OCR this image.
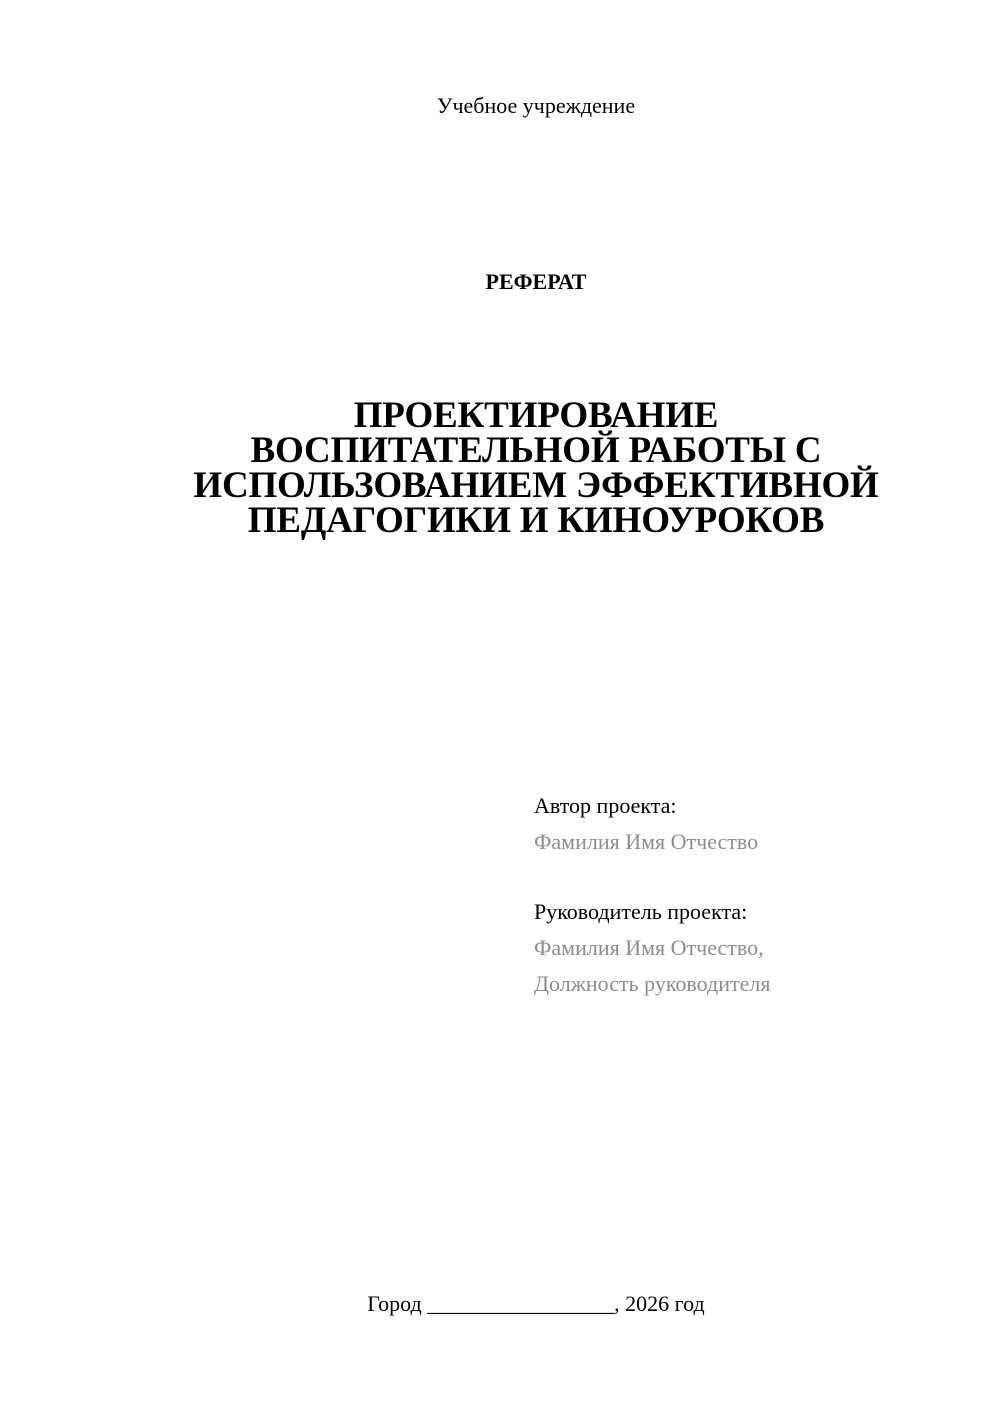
Учебное учреждение
РЕФЕРАТ
ПРОЕКТИРОВАНИЕ
ВОСПИТАТЕЛЬНОЙ РАБОТЫ С
ИСПОЛЬЗОВАНИЕМ ЭФФЕКТИВНОЙ
ПЕДАГОГИКИ И КИНОУРОКОВ
Автор проекта:
Фамилия Имя Отчество
Руководитель проекта:
Фамилия Имя Отчество,
Должность руководителя
Город _________________, 2026 год
